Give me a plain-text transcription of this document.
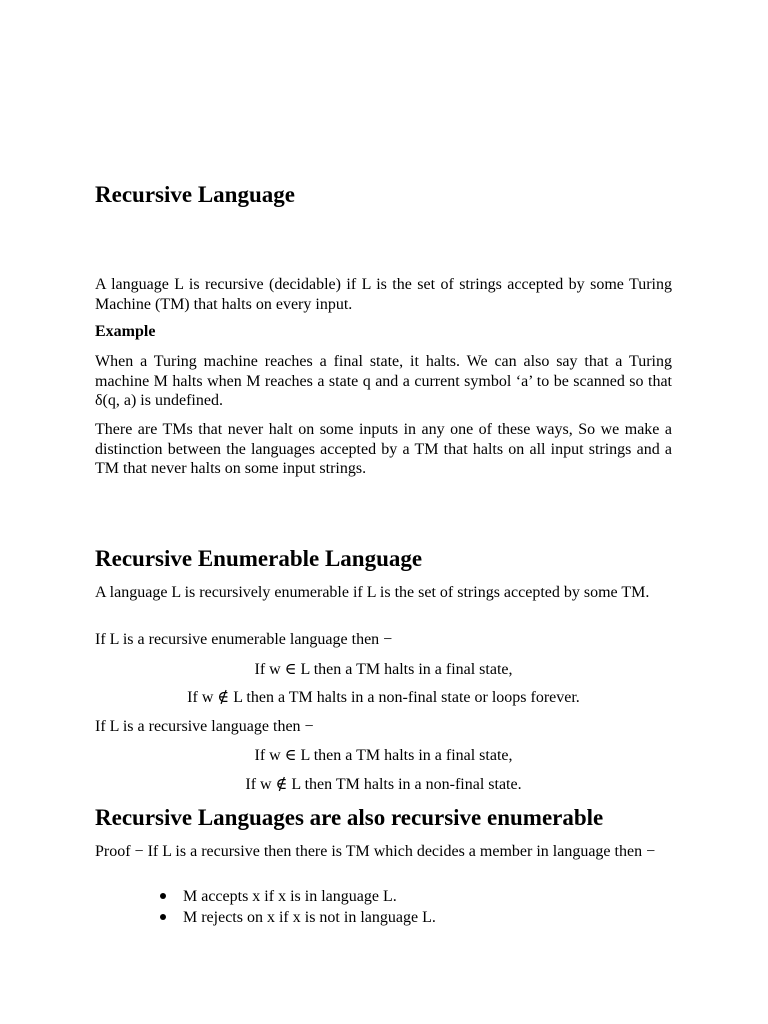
Recursive Language
A language L is recursive (decidable) if L is the set of strings accepted by some Turing Machine (TM) that halts on every input.
Example
When a Turing machine reaches a final state, it halts. We can also say that a Turing machine M halts when M reaches a state q and a current symbol ‘a’ to be scanned so that δ(q, a) is undefined.
There are TMs that never halt on some inputs in any one of these ways, So we make a distinction between the languages accepted by a TM that halts on all input strings and a TM that never halts on some input strings.
Recursive Enumerable Language
A language L is recursively enumerable if L is the set of strings accepted by some TM.
If L is a recursive enumerable language then −
If w ∈ L then a TM halts in a final state,
If w ∉ L then a TM halts in a non-final state or loops forever.
If L is a recursive language then −
If w ∈ L then a TM halts in a final state,
If w ∉ L then TM halts in a non-final state.
Recursive Languages are also recursive enumerable
Proof − If L is a recursive then there is TM which decides a member in language then −
M accepts x if x is in language L.
M rejects on x if x is not in language L.
